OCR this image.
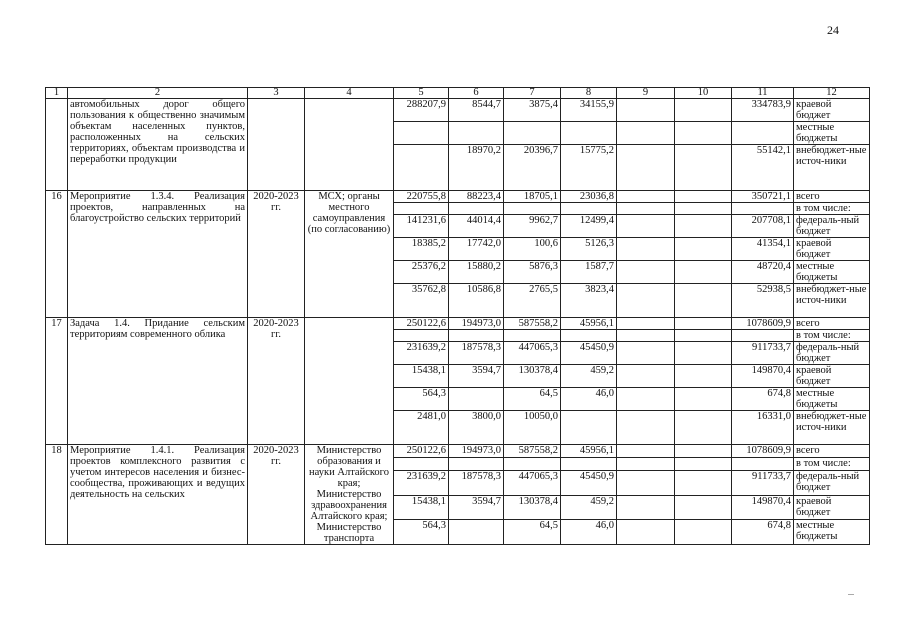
24
1	2	3	4	5	6	7	8	9	10	11	12
	автомобильных дорог общего пользования к общественно значимым объектам населенных пунктов, расположенных на сельских территориях, объектам производства и переработки продукции			288207,9	8544,7	3875,4	34155,9			334783,9	краевой бюджет
											местные бюджеты
					18970,2	20396,7	15775,2			55142,1	внебюджет-ные источ-ники
16	Мероприятие 1.3.4. Реализация проектов, направленных на благоустройство сельских территорий	2020-2023 гг.	МСХ; органы местного самоуправления (по согласованию)	220755,8	88223,4	18705,1	23036,8			350721,1	всего
											в том числе:
				141231,6	44014,4	9962,7	12499,4			207708,1	федераль-ный бюджет
				18385,2	17742,0	100,6	5126,3			41354,1	краевой бюджет
				25376,2	15880,2	5876,3	1587,7			48720,4	местные бюджеты
				35762,8	10586,8	2765,5	3823,4			52938,5	внебюджет-ные источ-ники
17	Задача 1.4. Придание сельским территориям современного облика	2020-2023 гг.		250122,6	194973,0	587558,2	45956,1			1078609,9	всего
											в том числе:
				231639,2	187578,3	447065,3	45450,9			911733,7	федераль-ный бюджет
				15438,1	3594,7	130378,4	459,2			149870,4	краевой бюджет
				564,3		64,5	46,0			674,8	местные бюджеты
				2481,0	3800,0	10050,0				16331,0	внебюджет-ные источ-ники
18	Мероприятие 1.4.1. Реализация проектов комплексного развития с учетом интересов населения и бизнес-сообщества, проживающих и ведущих деятельность на сельских	2020-2023 гг.	Министерство образования и науки Алтайского края; Министерство здравоохранения Алтайского края; Министерство транспорта	250122,6	194973,0	587558,2	45956,1			1078609,9	всего
											в том числе:
				231639,2	187578,3	447065,3	45450,9			911733,7	федераль-ный бюджет
				15438,1	3594,7	130378,4	459,2			149870,4	краевой бюджет
				564,3		64,5	46,0			674,8	местные бюджеты
